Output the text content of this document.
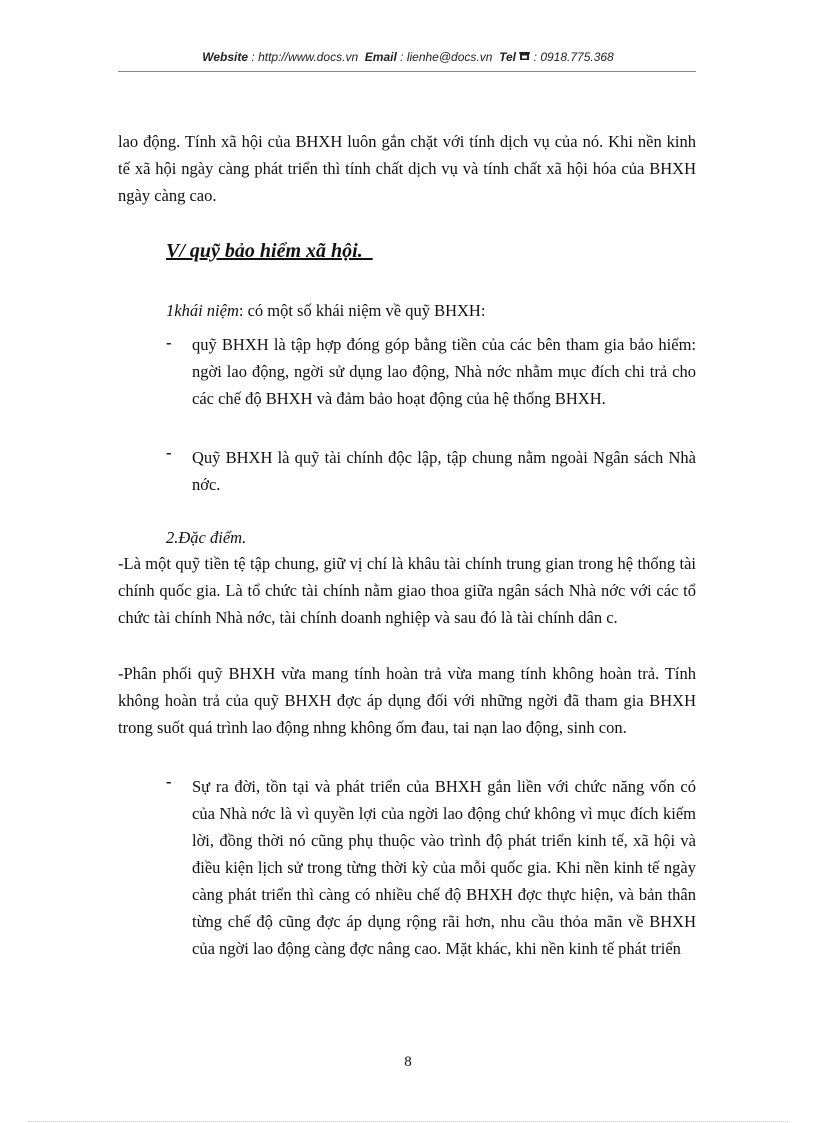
Website : http://www.docs.vn Email : lienhe@docs.vn Tel : 0918.775.368

lao động. Tính xã hội của BHXH luôn gắn chặt với tính dịch vụ của nó. Khi nền kinh tế xã hội ngày càng phát triển thì tính chất dịch vụ và tính chất xã hội hóa của BHXH ngày càng cao.

V/ quỹ bảo hiểm xã hội.

1khái niệm: có một số khái niệm về quỹ BHXH:

- quỹ BHXH là tập hợp đóng góp bằng tiền của các bên tham gia bảo hiểm: ngời lao động, ngời sử dụng lao động, Nhà nớc nhằm mục đích chi trả cho các chế độ BHXH và đảm bảo hoạt động của hệ thống BHXH.

- Quỹ BHXH là quỹ tài chính độc lập, tập chung nằm ngoài Ngân sách Nhà nớc.

2.Đặc điểm.

-Là một quỹ tiền tệ tập chung, giữ vị chí là khâu tài chính trung gian trong hệ thống tài chính quốc gia. Là tổ chức tài chính nằm giao thoa giữa ngân sách Nhà nớc với các tổ chức tài chính Nhà nớc, tài chính doanh nghiệp và sau đó là tài chính dân c.

-Phân phối quỹ BHXH vừa mang tính hoàn trả vừa mang tính không hoàn trả. Tính không hoàn trả của quỹ BHXH đợc áp dụng đối với những ngời đã tham gia BHXH trong suốt quá trình lao động nhng không ốm đau, tai nạn lao động, sinh con.

- Sự ra đời, tồn tại và phát triển của BHXH gắn liền với chức năng vốn có của Nhà nớc là vì quyền lợi của ngời lao động chứ không vì mục đích kiếm lời, đồng thời nó cũng phụ thuộc vào trình độ phát triển kinh tế, xã hội và điều kiện lịch sử trong từng thời kỳ của mỗi quốc gia. Khi nền kinh tế ngày càng phát triển thì càng có nhiều chế độ BHXH đợc thực hiện, và bản thân từng chế độ cũng đợc áp dụng rộng rãi hơn, nhu cầu thỏa mãn về BHXH của ngời lao động càng đợc nâng cao. Mặt khác, khi nền kinh tế phát triển

8
